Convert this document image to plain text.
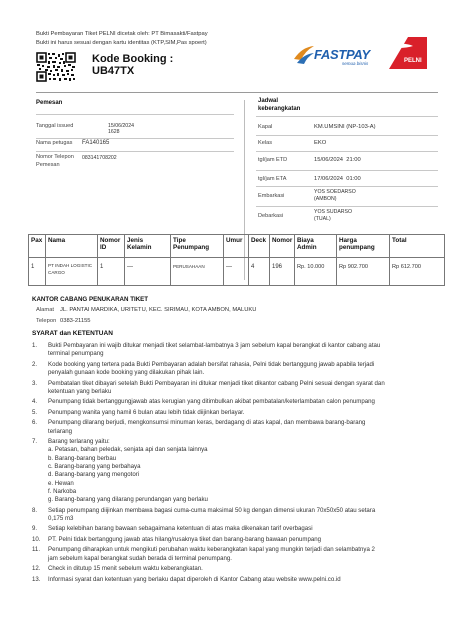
Bukti Pembayaran Tiket PELNI dicetak oleh: PT Bimasakti/Fastpay
Bukti ini harus sesuai dengan kartu identitas (KTP,SIM,Pas spoert)
Kode Booking :
UB47TX
FASTPAY
semua bisnis	PELNI
Pemesan
Tanggal issued	15/06/2024
1628
Nama petugas FA140165
Nomor Telepon
Pemesan
083141708202
Jadwal
keberangkatan
Kapal	KM.UMSINI (NP-103-A)
Kelas	EKO
tgl/jam ETD	15/06/2024  21:00
tgl/jam ETA	17/06/2024  01:00
Embarkasi
YOS SOEDARSO
(AMBON)
Debarkasi
YOS SUDARSO
(TUAL)
Pax	Nama	Nomor ID	Jenis Kelamin	Tipe Penumpang	Umur	Deck	Nomor	Biaya Admin	Harga penumpang	Total
1	PT INDAH LOGISTIC CARGO	1	—	PERUSAHAAN	—	4	196	Rp. 10.000	Rp 902.700	Rp 612.700
KANTOR CABANG PENUKARAN TIKET
Alamat JL. PANTAI MARDIKA, URITETU, KEC. SIRIMAU, KOTA AMBON, MALUKU
Telepon 0383-21155
SYARAT dan KETENTUAN
1. Bukti Pembayaran ini wajib ditukar menjadi tiket selambat-lambatnya 3 jam sebelum kapal berangkat di kantor cabang atau
terminal penumpang
2. Kode booking yang tertera pada Bukti Pembayaran adalah bersifat rahasia, Pelni tidak bertanggung jawab apabila terjadi
penyalah gunaan kode booking yang dilakukan pihak lain.
3. Pembatalan tiket dibayari setelah Bukti Pembayaran ini ditukar menjadi tiket dikantor cabang Pelni sesuai dengan syarat dan
ketentuan yang berlaku
4. Penumpang tidak bertanggungjawab atas kerugian yang ditimbulkan akibat pembatalan/keterlambatan calon penumpang
5. Penumpang wanita yang hamil 6 bulan atau lebih tidak diijinkan berlayar.
6. Penumpang dilarang berjudi, mengkonsumsi minuman keras, berdagang di atas kapal, dan membawa barang-barang
terlarang
7. Barang terlarang yaitu:
a. Petasan, bahan peledak, senjata api dan senjata lainnya
b. Barang-barang berbau
c. Barang-barang yang berbahaya
d. Barang-barang yang mengotori
e. Hewan
f. Narkoba
g. Barang-barang yang dilarang perundangan yang berlaku
8. Setiap penumpang diijinkan membawa bagasi cuma-cuma maksimal 50 kg dengan dimensi ukuran 70x50x50 atau setara
0,175 m3
9. Setiap kelebihan barang bawaan sebagaimana ketentuan di atas maka dikenakan tarif overbagasi
10. PT. Pelni tidak bertanggung jawab atas hilang/rusaknya tiket dan barang-barang bawaan penumpang
11. Penumpang diharapkan untuk mengikuti perubahan waktu keberangkatan kapal yang mungkin terjadi dan selambatnya 2
jam sebelum kapal berangkat sudah berada di terminal penumpang.
12. Check in ditutup 15 menit sebelum waktu keberangkatan.
13. Informasi syarat dan ketentuan yang berlaku dapat diperoleh di Kantor Cabang atau website www.pelni.co.id
